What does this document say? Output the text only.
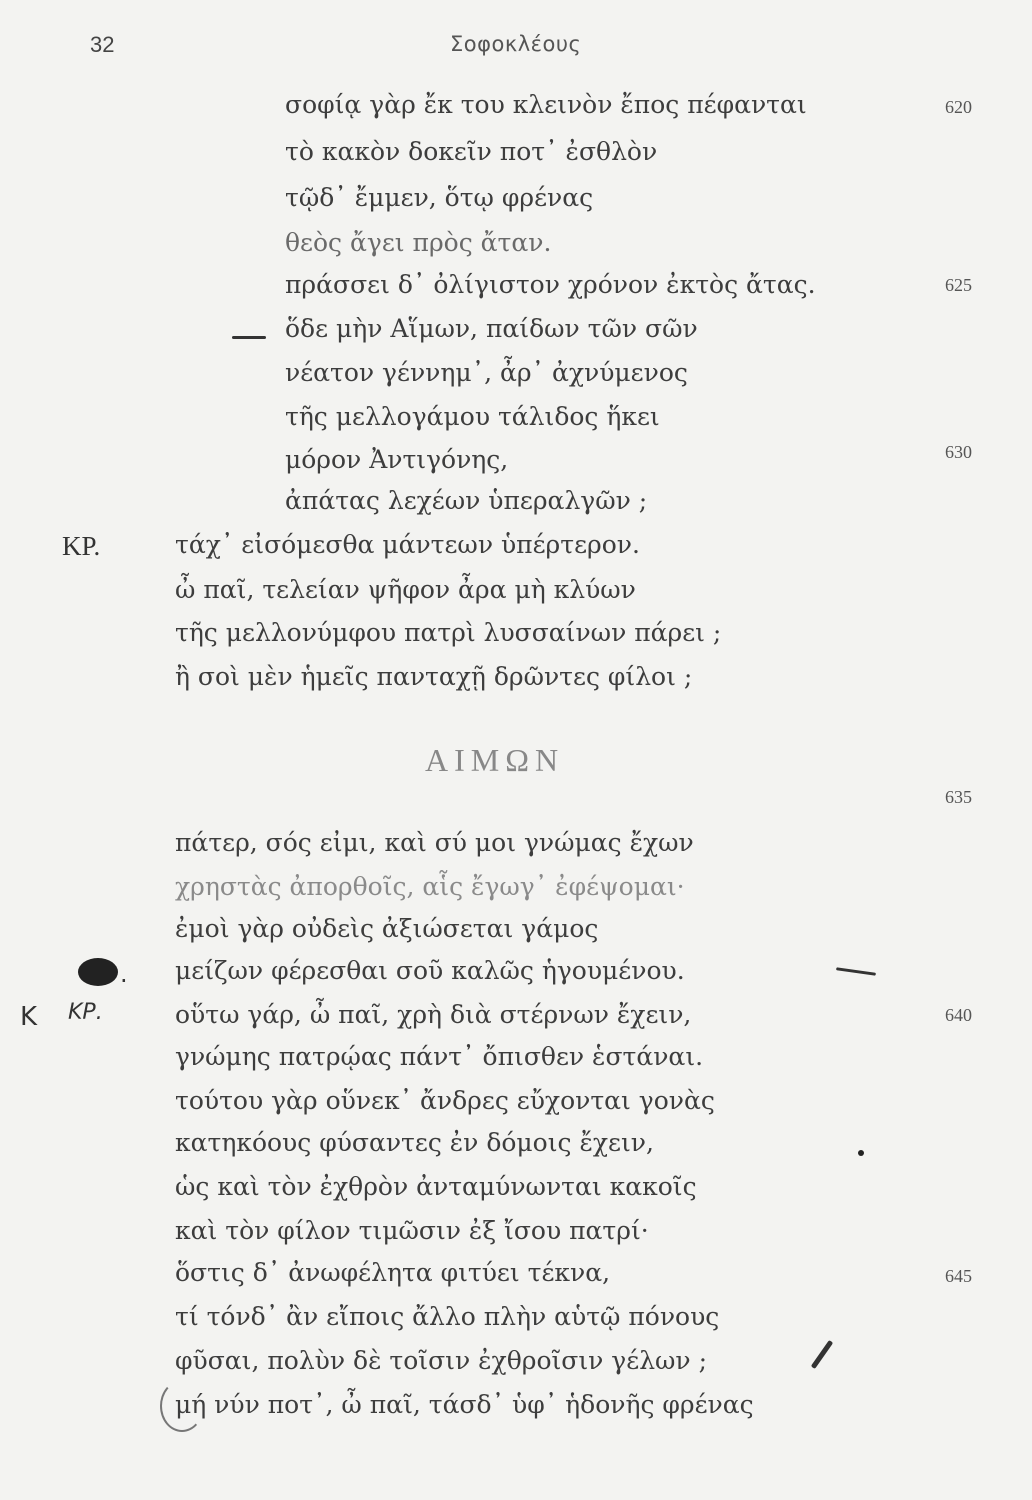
32	Σοφοκλέους
σοφίᾳ γὰρ ἔκ του κλεινὸν ἔπος πέφανται
τὸ κακὸν δοκεῖν ποτ᾽ ἐσθλὸν
τῷδ᾽ ἔμμεν, ὅτῳ φρένας
θεὸς ἄγει πρὸς ἄταν.
πράσσει δ᾽ ὀλίγιστον χρόνον ἐκτὸς ἄτας.
ὅδε μὴν Αἵμων, παίδων τῶν σῶν
νέατον γέννημ᾽, ἆρ᾽ ἀχνύμενος
τῆς μελλογάμου τάλιδος ἥκει
μόρον Ἀντιγόνης,
ἀπάτας λεχέων ὑπεραλγῶν ;
τάχ᾽ εἰσόμεσθα μάντεων ὑπέρτερον.
ὦ παῖ, τελείαν ψῆφον ἆρα μὴ κλύων
τῆς μελλονύμφου πατρὶ λυσσαίνων πάρει ;
ἢ σοὶ μὲν ἡμεῖς πανταχῇ δρῶντες φίλοι ;
ΑΙΜΩΝ
πάτερ, σός εἰμι, καὶ σύ μοι γνώμας ἔχων
χρηστὰς ἀπορθοῖς, αἷς ἔγωγ᾽ ἐφέψομαι·
ἐμοὶ γὰρ οὐδεὶς ἀξιώσεται γάμος
μείζων φέρεσθαι σοῦ καλῶς ἡγουμένου.
οὕτω γάρ, ὦ παῖ, χρὴ διὰ στέρνων ἔχειν,
γνώμης πατρῴας πάντ᾽ ὄπισθεν ἑστάναι.
τούτου γὰρ οὕνεκ᾽ ἄνδρες εὔχονται γονὰς
κατηκόους φύσαντες ἐν δόμοις ἔχειν,
ὡς καὶ τὸν ἐχθρὸν ἀνταμύνωνται κακοῖς
καὶ τὸν φίλον τιμῶσιν ἐξ ἴσου πατρί·
ὅστις δ᾽ ἀνωφέλητα φιτύει τέκνα,
τί τόνδ᾽ ἂν εἴποις ἄλλο πλὴν αὑτῷ πόνους
φῦσαι, πολὺν δὲ τοῖσιν ἐχθροῖσιν γέλων ;
μή νύν ποτ᾽, ὦ παῖ, τάσδ᾽ ὑφ᾽ ἡδονῆς φρένας
620
625
630
635
640
645
ΚΡ.
.
K ΚΡ.
